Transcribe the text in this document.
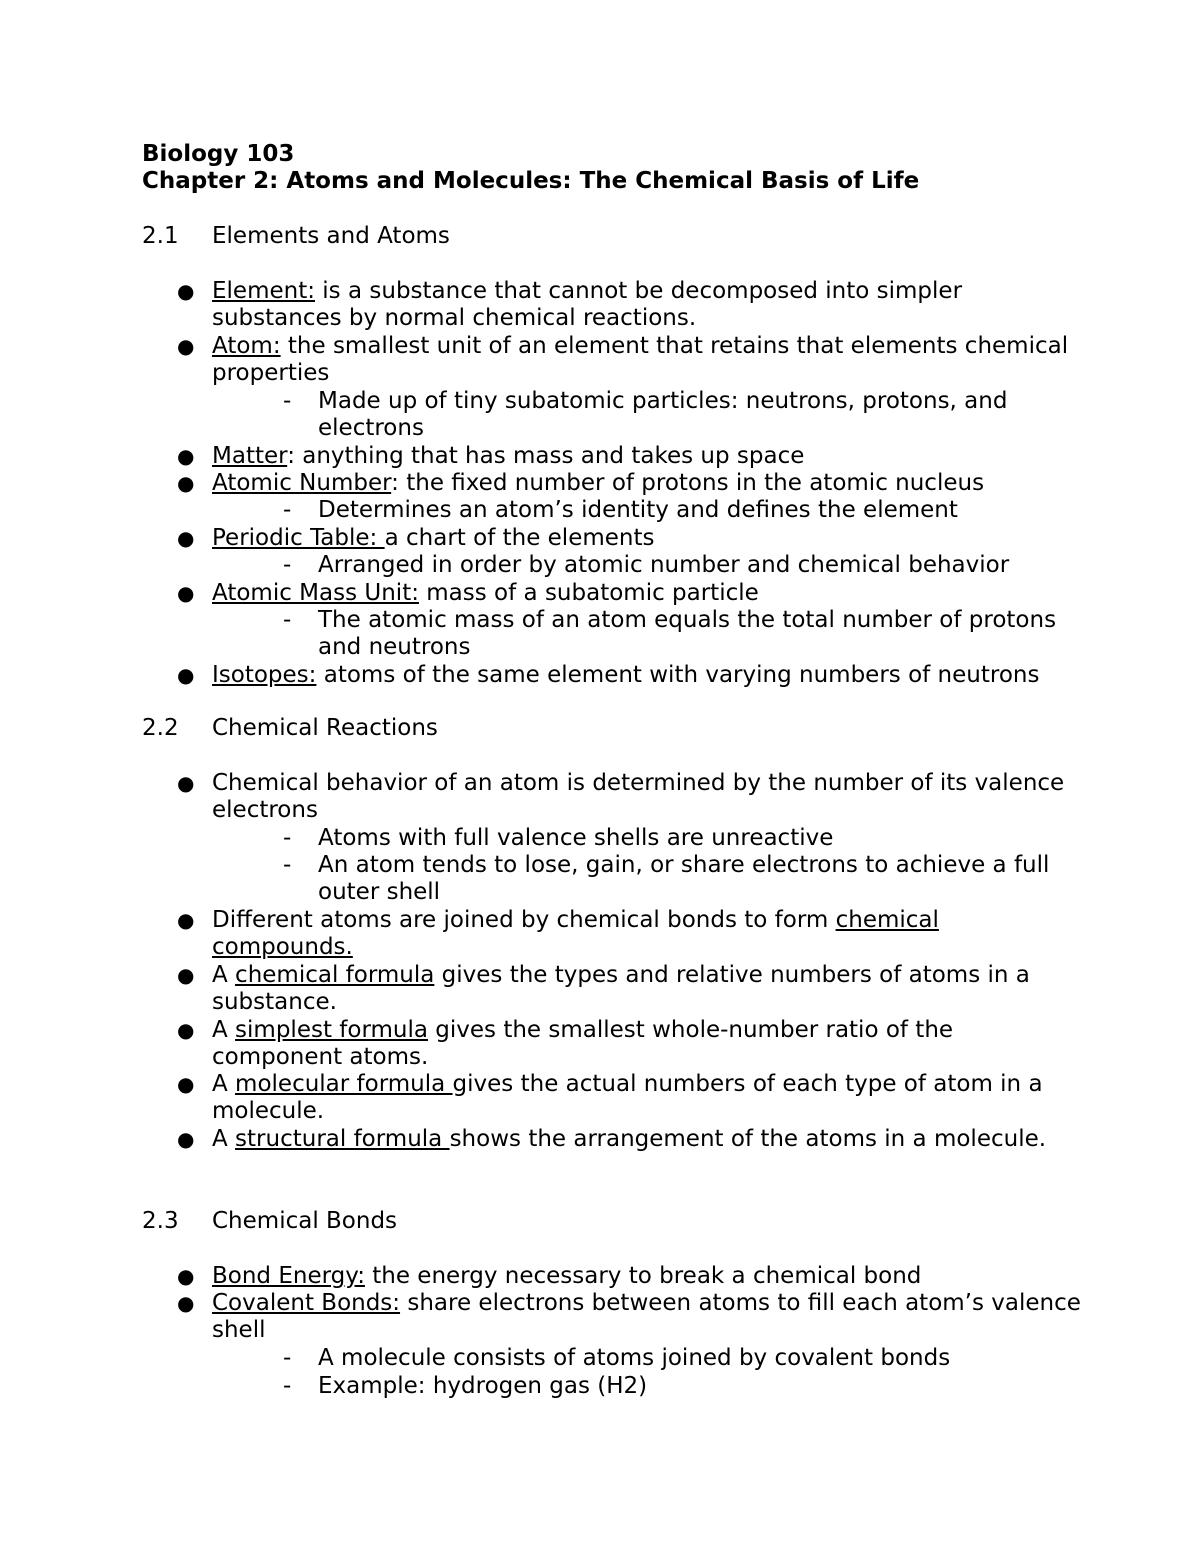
Biology 103
Chapter 2: Atoms and Molecules: The Chemical Basis of Life
2.1 Elements and Atoms
● Element: is a substance that cannot be decomposed into simpler substances by normal chemical reactions.
● Atom: the smallest unit of an element that retains that elements chemical properties
- Made up of tiny subatomic particles: neutrons, protons, and electrons
● Matter: anything that has mass and takes up space
● Atomic Number: the fixed number of protons in the atomic nucleus
- Determines an atom’s identity and defines the element
● Periodic Table: a chart of the elements
- Arranged in order by atomic number and chemical behavior
● Atomic Mass Unit: mass of a subatomic particle
- The atomic mass of an atom equals the total number of protons and neutrons
● Isotopes: atoms of the same element with varying numbers of neutrons
2.2 Chemical Reactions
● Chemical behavior of an atom is determined by the number of its valence electrons
- Atoms with full valence shells are unreactive
- An atom tends to lose, gain, or share electrons to achieve a full outer shell
● Different atoms are joined by chemical bonds to form chemical compounds.
● A chemical formula gives the types and relative numbers of atoms in a substance.
● A simplest formula gives the smallest whole-number ratio of the component atoms.
● A molecular formula gives the actual numbers of each type of atom in a molecule.
● A structural formula shows the arrangement of the atoms in a molecule.
2.3 Chemical Bonds
● Bond Energy: the energy necessary to break a chemical bond
● Covalent Bonds: share electrons between atoms to fill each atom’s valence shell
- A molecule consists of atoms joined by covalent bonds
- Example: hydrogen gas (H2)
